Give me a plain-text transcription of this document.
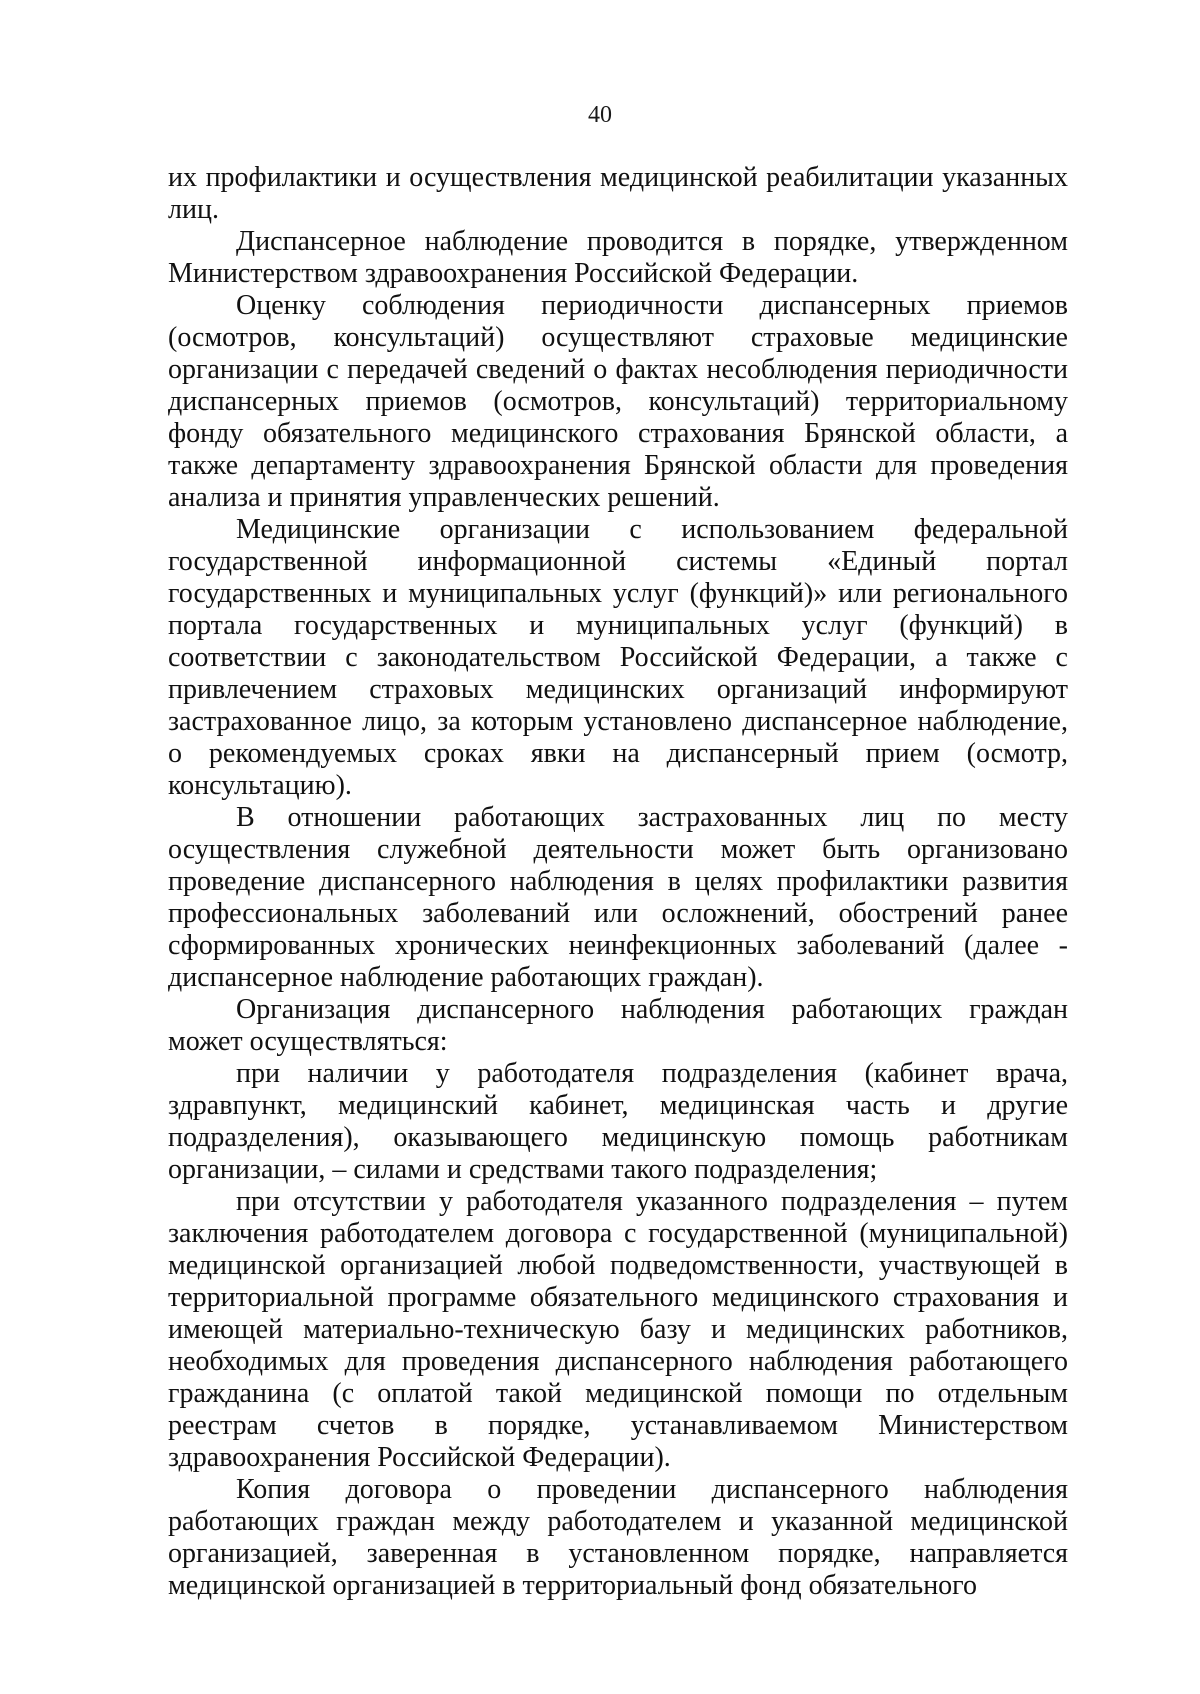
40

их профилактики и осуществления медицинской реабилитации указанных лиц.

Диспансерное наблюдение проводится в порядке, утвержденном Министерством здравоохранения Российской Федерации.

Оценку соблюдения периодичности диспансерных приемов (осмотров, консультаций) осуществляют страховые медицинские организации с передачей сведений о фактах несоблюдения периодичности диспансерных приемов (осмотров, консультаций) территориальному фонду обязательного медицинского страхования Брянской области, а также департаменту здравоохранения Брянской области для проведения анализа и принятия управленческих решений.

Медицинские организации с использованием федеральной государственной информационной системы «Единый портал государственных и муниципальных услуг (функций)» или регионального портала государственных и муниципальных услуг (функций) в соответствии с законодательством Российской Федерации, а также с привлечением страховых медицинских организаций информируют застрахованное лицо, за которым установлено диспансерное наблюдение, о рекомендуемых сроках явки на диспансерный прием (осмотр, консультацию).

В отношении работающих застрахованных лиц по месту осуществления служебной деятельности может быть организовано проведение диспансерного наблюдения в целях профилактики развития профессиональных заболеваний или осложнений, обострений ранее сформированных хронических неинфекционных заболеваний (далее - диспансерное наблюдение работающих граждан).

Организация диспансерного наблюдения работающих граждан может осуществляться:

при наличии у работодателя подразделения (кабинет врача, здравпункт, медицинский кабинет, медицинская часть и другие подразделения), оказывающего медицинскую помощь работникам организации, – силами и средствами такого подразделения;

при отсутствии у работодателя указанного подразделения – путем заключения работодателем договора с государственной (муниципальной) медицинской организацией любой подведомственности, участвующей в территориальной программе обязательного медицинского страхования и имеющей материально-техническую базу и медицинских работников, необходимых для проведения диспансерного наблюдения работающего гражданина (с оплатой такой медицинской помощи по отдельным реестрам счетов в порядке, устанавливаемом Министерством здравоохранения Российской Федерации).

Копия договора о проведении диспансерного наблюдения работающих граждан между работодателем и указанной медицинской организацией, заверенная в установленном порядке, направляется медицинской организацией в территориальный фонд обязательного
